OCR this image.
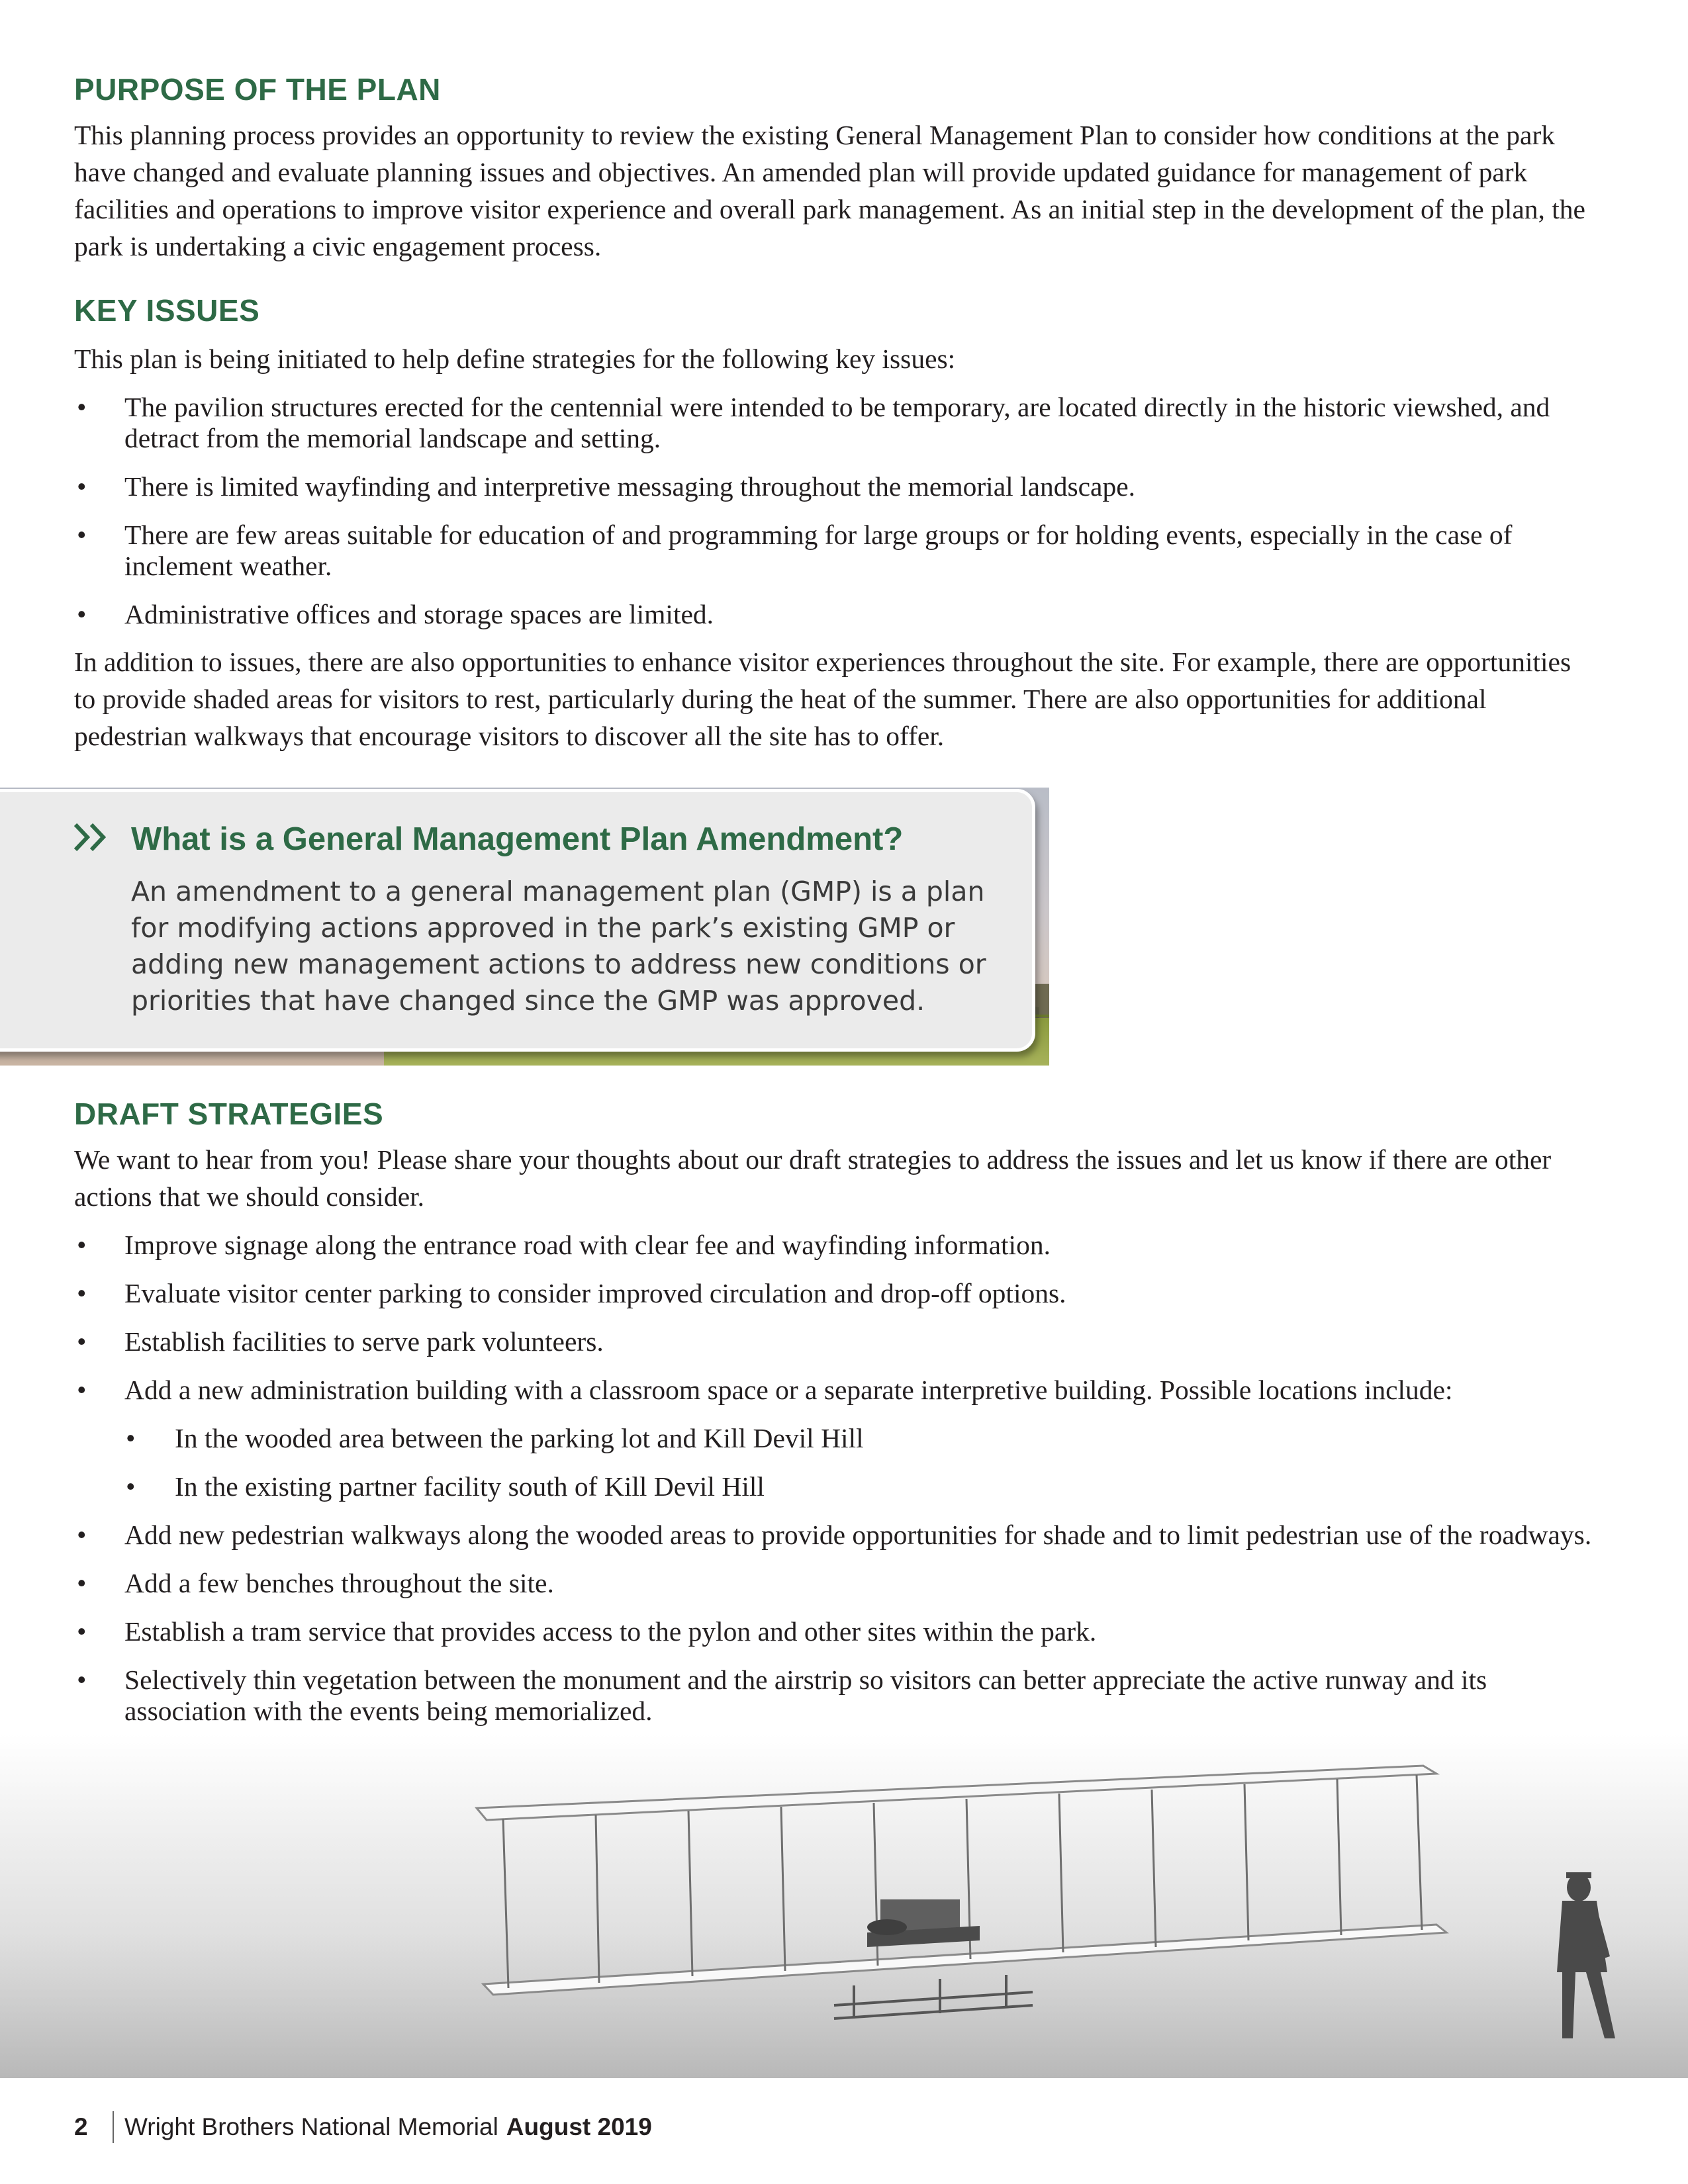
PURPOSE OF THE PLAN

This planning process provides an opportunity to review the existing General Management Plan to consider how conditions at the park have changed and evaluate planning issues and objectives. An amended plan will provide updated guidance for management of park facilities and operations to improve visitor experience and overall park management. As an initial step in the development of the plan, the park is undertaking a civic engagement process.

KEY ISSUES

This plan is being initiated to help define strategies for the following key issues:

• The pavilion structures erected for the centennial were intended to be temporary, are located directly in the historic viewshed, and detract from the memorial landscape and setting.
• There is limited wayfinding and interpretive messaging throughout the memorial landscape.
• There are few areas suitable for education of and programming for large groups or for holding events, especially in the case of inclement weather.
• Administrative offices and storage spaces are limited.

In addition to issues, there are also opportunities to enhance visitor experiences throughout the site. For example, there are opportunities to provide shaded areas for visitors to rest, particularly during the heat of the summer. There are also opportunities for additional pedestrian walkways that encourage visitors to discover all the site has to offer.

What is a General Management Plan Amendment?

An amendment to a general management plan (GMP) is a plan for modifying actions approved in the park’s existing GMP or adding new management actions to address new conditions or priorities that have changed since the GMP was approved.

DRAFT STRATEGIES

We want to hear from you! Please share your thoughts about our draft strategies to address the issues and let us know if there are other actions that we should consider.

• Improve signage along the entrance road with clear fee and wayfinding information.
• Evaluate visitor center parking to consider improved circulation and drop-off options.
• Establish facilities to serve park volunteers.
• Add a new administration building with a classroom space or a separate interpretive building. Possible locations include:
• In the wooded area between the parking lot and Kill Devil Hill
• In the existing partner facility south of Kill Devil Hill
• Add new pedestrian walkways along the wooded areas to provide opportunities for shade and to limit pedestrian use of the roadways.
• Add a few benches throughout the site.
• Establish a tram service that provides access to the pylon and other sites within the park.
• Selectively thin vegetation between the monument and the airstrip so visitors can better appreciate the active runway and its association with the events being memorialized.
2	Wright Brothers National Memorial August 2019
